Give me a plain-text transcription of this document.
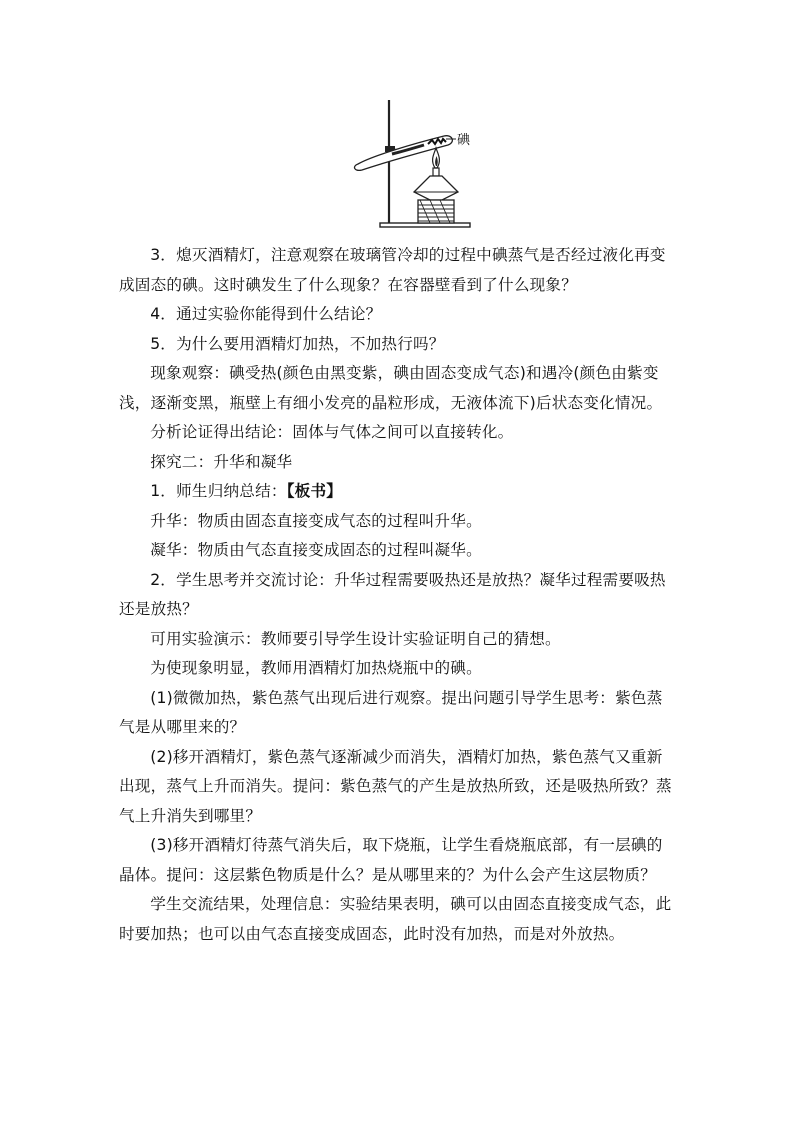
碘

3．熄灭酒精灯，注意观察在玻璃管冷却的过程中碘蒸气是否经过液化再变成固态的碘。这时碘发生了什么现象？在容器壁看到了什么现象？

4．通过实验你能得到什么结论？

5．为什么要用酒精灯加热，不加热行吗？

现象观察：碘受热(颜色由黑变紫，碘由固态变成气态)和遇冷(颜色由紫变浅，逐渐变黑，瓶壁上有细小发亮的晶粒形成，无液体流下)后状态变化情况。

分析论证得出结论：固体与气体之间可以直接转化。

探究二：升华和凝华

1．师生归纳总结：【板书】

升华：物质由固态直接变成气态的过程叫升华。

凝华：物质由气态直接变成固态的过程叫凝华。

2．学生思考并交流讨论：升华过程需要吸热还是放热？凝华过程需要吸热还是放热？

可用实验演示：教师要引导学生设计实验证明自己的猜想。

为使现象明显，教师用酒精灯加热烧瓶中的碘。

(1)微微加热，紫色蒸气出现后进行观察。提出问题引导学生思考：紫色蒸气是从哪里来的？

(2)移开酒精灯，紫色蒸气逐渐减少而消失，酒精灯加热，紫色蒸气又重新出现，蒸气上升而消失。提问：紫色蒸气的产生是放热所致，还是吸热所致？蒸气上升消失到哪里？

(3)移开酒精灯待蒸气消失后，取下烧瓶，让学生看烧瓶底部，有一层碘的晶体。提问：这层紫色物质是什么？是从哪里来的？为什么会产生这层物质？

学生交流结果，处理信息：实验结果表明，碘可以由固态直接变成气态，此时要加热；也可以由气态直接变成固态，此时没有加热，而是对外放热。
